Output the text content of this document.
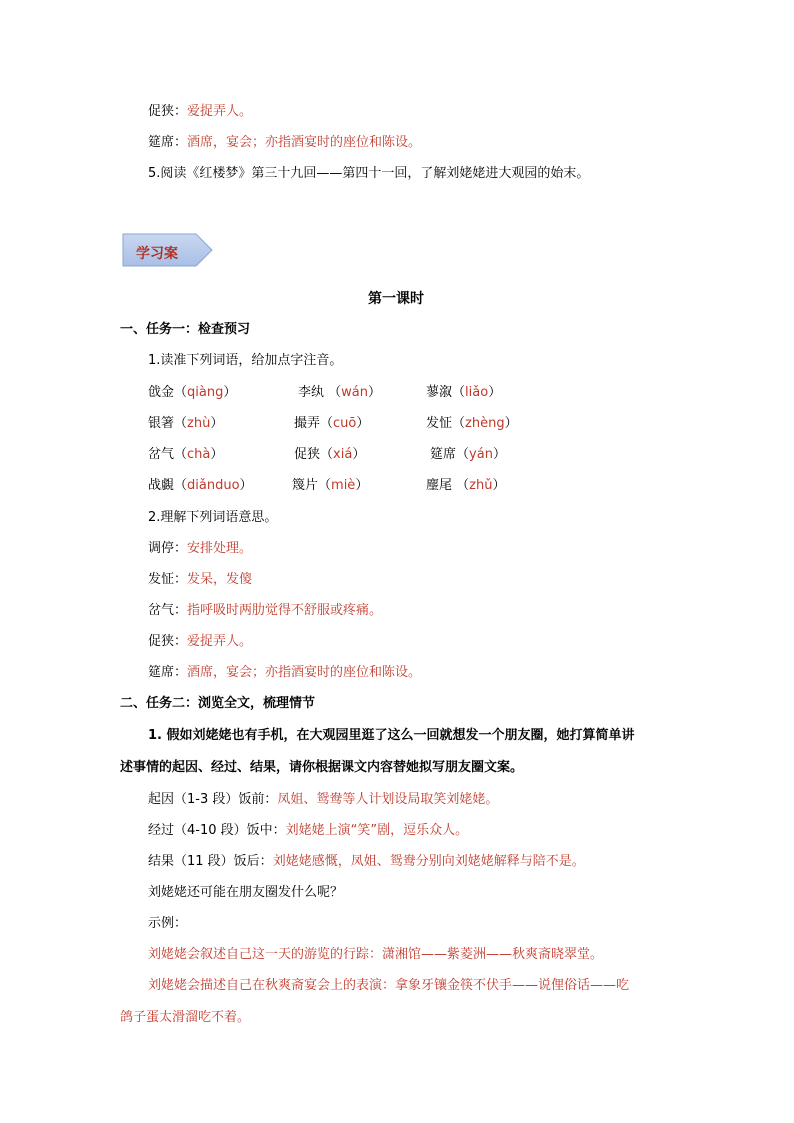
促狭：爱捉弄人。
筵席：酒席，宴会；亦指酒宴时的座位和陈设。
5.阅读《红楼梦》第三十九回——第四十一回，了解刘姥姥进大观园的始末。
学习案
第一课时
一、任务一：检查预习
1.读准下列词语，给加点字注音。
戗金（qiàng）	李纨 （wán）	蓼溆（liǎo）
银箸（zhù）	撮弄（cuō）	发怔（zhèng）
岔气（chà）	促狭（xiá）	筵席（yán）
战覷（diǎnduo）	篾片（miè）	麈尾 （zhǔ）
2.理解下列词语意思。
调停：安排处理。
发怔：发呆，发傻
岔气：指呼吸时两肋觉得不舒服或疼痛。
促狭：爱捉弄人。
筵席：酒席，宴会；亦指酒宴时的座位和陈设。
二、任务二：浏览全文，梳理情节
1. 假如刘姥姥也有手机，在大观园里逛了这么一回就想发一个朋友圈，她打算简单讲
述事情的起因、经过、结果，请你根据课文内容替她拟写朋友圈文案。
起因（1-3 段）饭前：凤姐、鸳鸯等人计划设局取笑刘姥姥。
经过（4-10 段）饭中：刘姥姥上演“笑”剧，逗乐众人。
结果（11 段）饭后：刘姥姥感慨，凤姐、鸳鸯分别向刘姥姥解释与陪不是。
刘姥姥还可能在朋友圈发什么呢？
示例：
刘姥姥会叙述自己这一天的游览的行踪：潇湘馆——紫菱洲——秋爽斋晓翠堂。
刘姥姥会描述自己在秋爽斋宴会上的表演：拿象牙镶金筷不伏手——说俚俗话——吃
鸽子蛋太滑溜吃不着。
